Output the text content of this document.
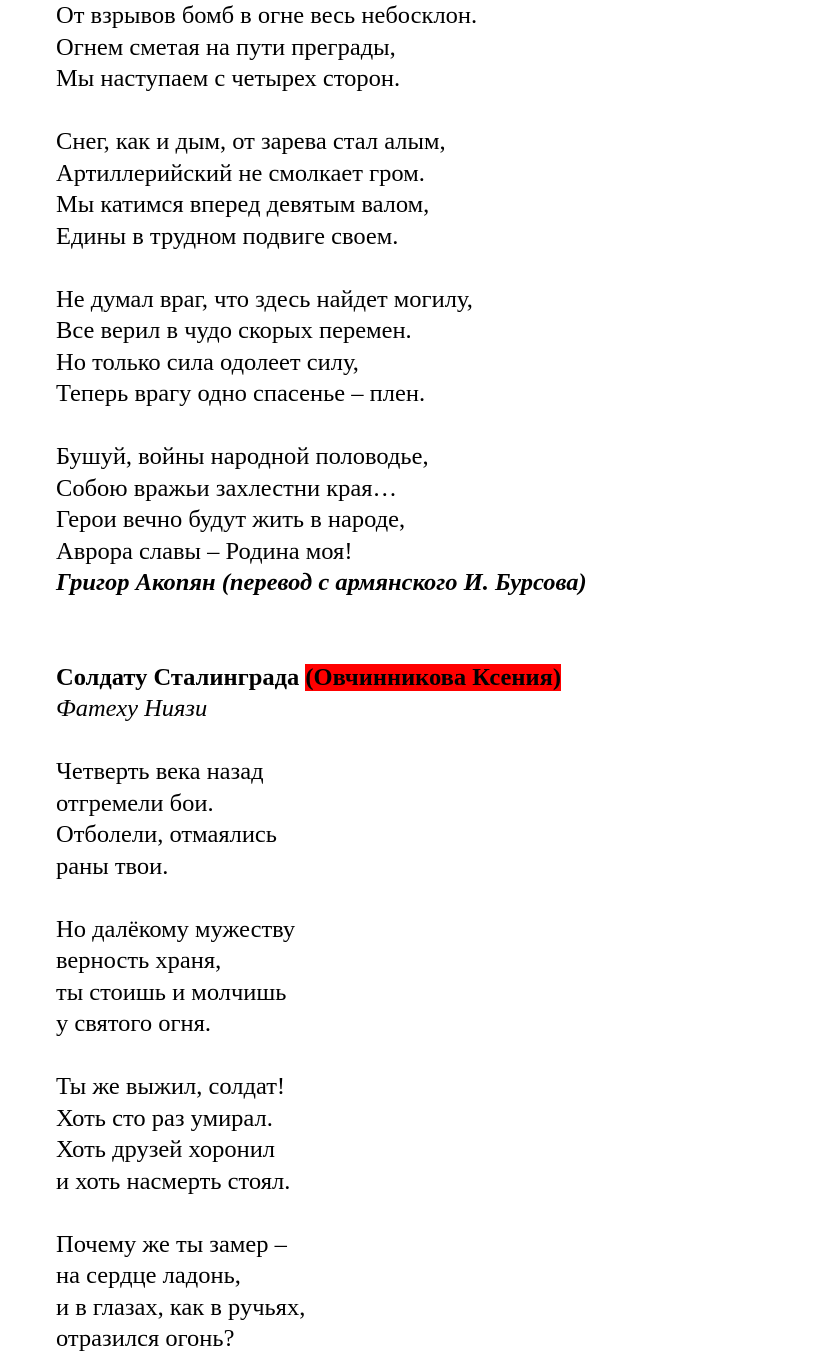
От взрывов бомб в огне весь небосклон.
Огнем сметая на пути преграды,
Мы наступаем с четырех сторон.
Снег, как и дым, от зарева стал алым,
Артиллерийский не смолкает гром.
Мы катимся вперед девятым валом,
Едины в трудном подвиге своем.
Не думал враг, что здесь найдет могилу,
Все верил в чудо скорых перемен.
Но только сила одолеет силу,
Теперь врагу одно спасенье – плен.
Бушуй, войны народной половодье,
Собою вражьи захлестни края…
Герои вечно будут жить в народе,
Аврора славы – Родина моя!
Григор Акопян (перевод с армянского И. Бурсова)
Солдату Сталинграда (Овчинникова Ксения)
Фатеху Ниязи
Четверть века назад
отгремели бои.
Отболели, отмаялись
раны твои.
Но далёкому мужеству
верность храня,
ты стоишь и молчишь
у святого огня.
Ты же выжил, солдат!
Хоть сто раз умирал.
Хоть друзей хоронил
и хоть насмерть стоял.
Почему же ты замер –
на сердце ладонь,
и в глазах, как в ручьях,
отразился огонь?
